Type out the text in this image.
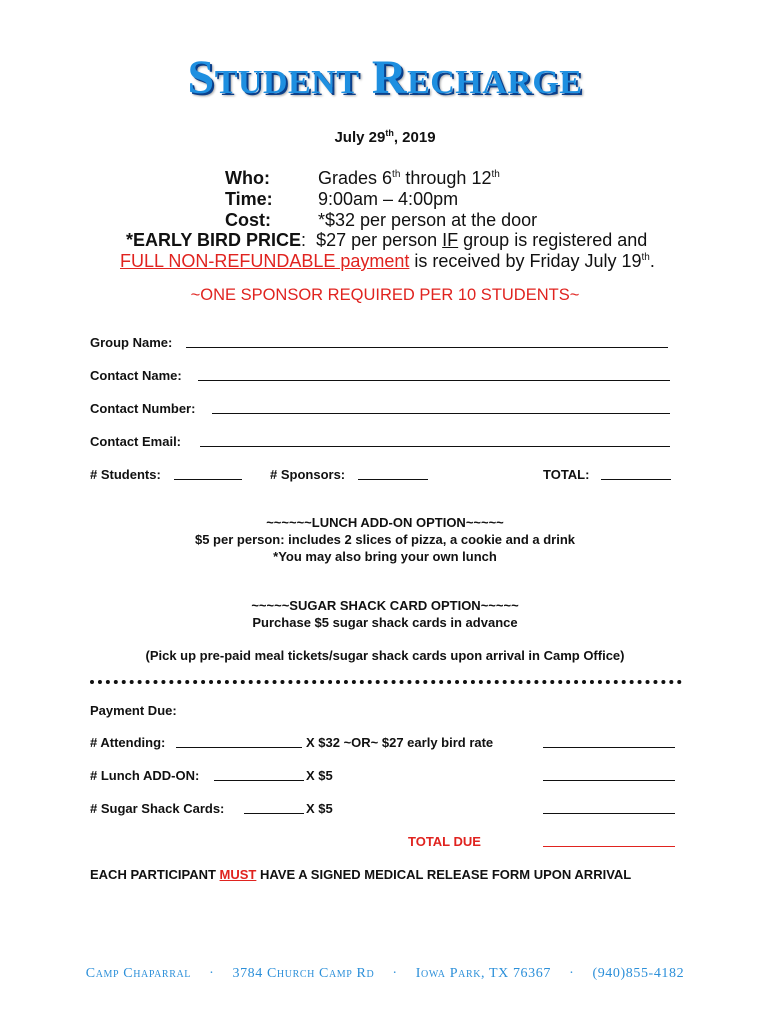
Student Recharge
July 29th, 2019
Who:	Grades 6th through 12th
Time:	9:00am – 4:00pm
Cost:	*$32 per person at the door
*EARLY BIRD PRICE:  $27 per person IF group is registered and
FULL NON-REFUNDABLE payment is received by Friday July 19th.
~ONE SPONSOR REQUIRED PER 10 STUDENTS~
Group Name:
Contact Name:
Contact Number:
Contact Email:
# Students:	# Sponsors:	TOTAL:
~~~~~~LUNCH ADD-ON OPTION~~~~~
$5 per person: includes 2 slices of pizza, a cookie and a drink
*You may also bring your own lunch
~~~~~SUGAR SHACK CARD OPTION~~~~~
Purchase $5 sugar shack cards in advance
(Pick up pre-paid meal tickets/sugar shack cards upon arrival in Camp Office)
Payment Due:
# Attending:	X $32 ~OR~ $27 early bird rate
# Lunch ADD-ON:	X $5
# Sugar Shack Cards:	X $5
TOTAL DUE
EACH PARTICIPANT MUST HAVE A SIGNED MEDICAL RELEASE FORM UPON ARRIVAL
Camp Chaparral · 3784 Church Camp Rd · Iowa Park, TX 76367 · (940)855-4182
